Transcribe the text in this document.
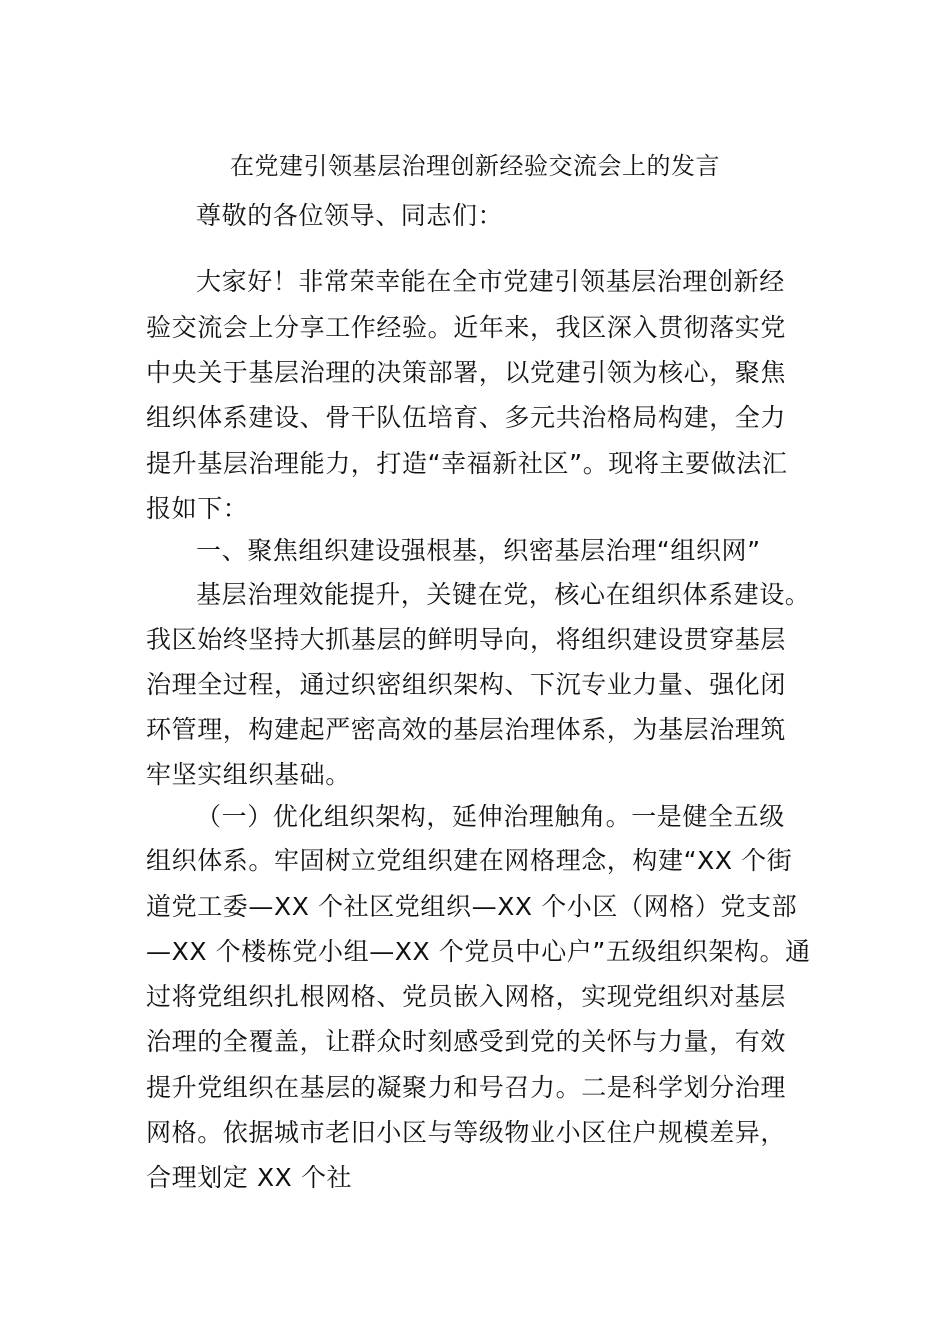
在党建引领基层治理创新经验交流会上的发言
尊敬的各位领导、同志们：
大家好！非常荣幸能在全市党建引领基层治理创新经
验交流会上分享工作经验。近年来，我区深入贯彻落实党
中央关于基层治理的决策部署，以党建引领为核心，聚焦
组织体系建设、骨干队伍培育、多元共治格局构建，全力
提升基层治理能力，打造“幸福新社区”。现将主要做法汇
报如下：
一、聚焦组织建设强根基，织密基层治理“组织网”
基层治理效能提升，关键在党，核心在组织体系建设。
我区始终坚持大抓基层的鲜明导向，将组织建设贯穿基层
治理全过程，通过织密组织架构、下沉专业力量、强化闭
环管理，构建起严密高效的基层治理体系，为基层治理筑
牢坚实组织基础。
（一）优化组织架构，延伸治理触角。一是健全五级
组织体系。牢固树立党组织建在网格理念，构建“XX 个街
道党工委—XX 个社区党组织—XX 个小区（网格）党支部
—XX 个楼栋党小组—XX 个党员中心户”五级组织架构。通
过将党组织扎根网格、党员嵌入网格，实现党组织对基层
治理的全覆盖，让群众时刻感受到党的关怀与力量，有效
提升党组织在基层的凝聚力和号召力。二是科学划分治理
网格。依据城市老旧小区与等级物业小区住户规模差异，
合理划定 XX 个社
